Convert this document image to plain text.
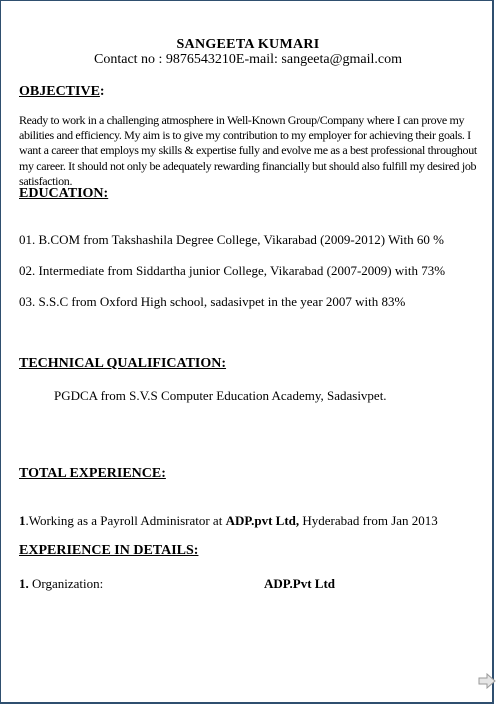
SANGEETA KUMARI
Contact no : 9876543210E-mail: sangeeta@gmail.com
OBJECTIVE:
Ready to work in a challenging atmosphere in Well-Known Group/Company where I can prove my abilities and efficiency. My aim is to give my contribution to my employer for achieving their goals. I want a career that employs my skills & expertise fully and evolve me as a best professional throughout my career. It should not only be adequately rewarding financially but should also fulfill my desired job satisfaction.
EDUCATION:
01. B.COM from Takshashila Degree College, Vikarabad (2009-2012) With 60 %
02. Intermediate from Siddartha junior College, Vikarabad (2007-2009) with 73%
03. S.S.C from Oxford High school, sadasivpet in the year 2007 with 83%
TECHNICAL QUALIFICATION:
PGDCA from S.V.S Computer Education Academy, Sadasivpet.
TOTAL EXPERIENCE:
1.Working as a Payroll Adminisrator at ADP.pvt Ltd, Hyderabad from Jan 2013
EXPERIENCE IN DETAILS:
1. Organization:	ADP.Pvt Ltd
